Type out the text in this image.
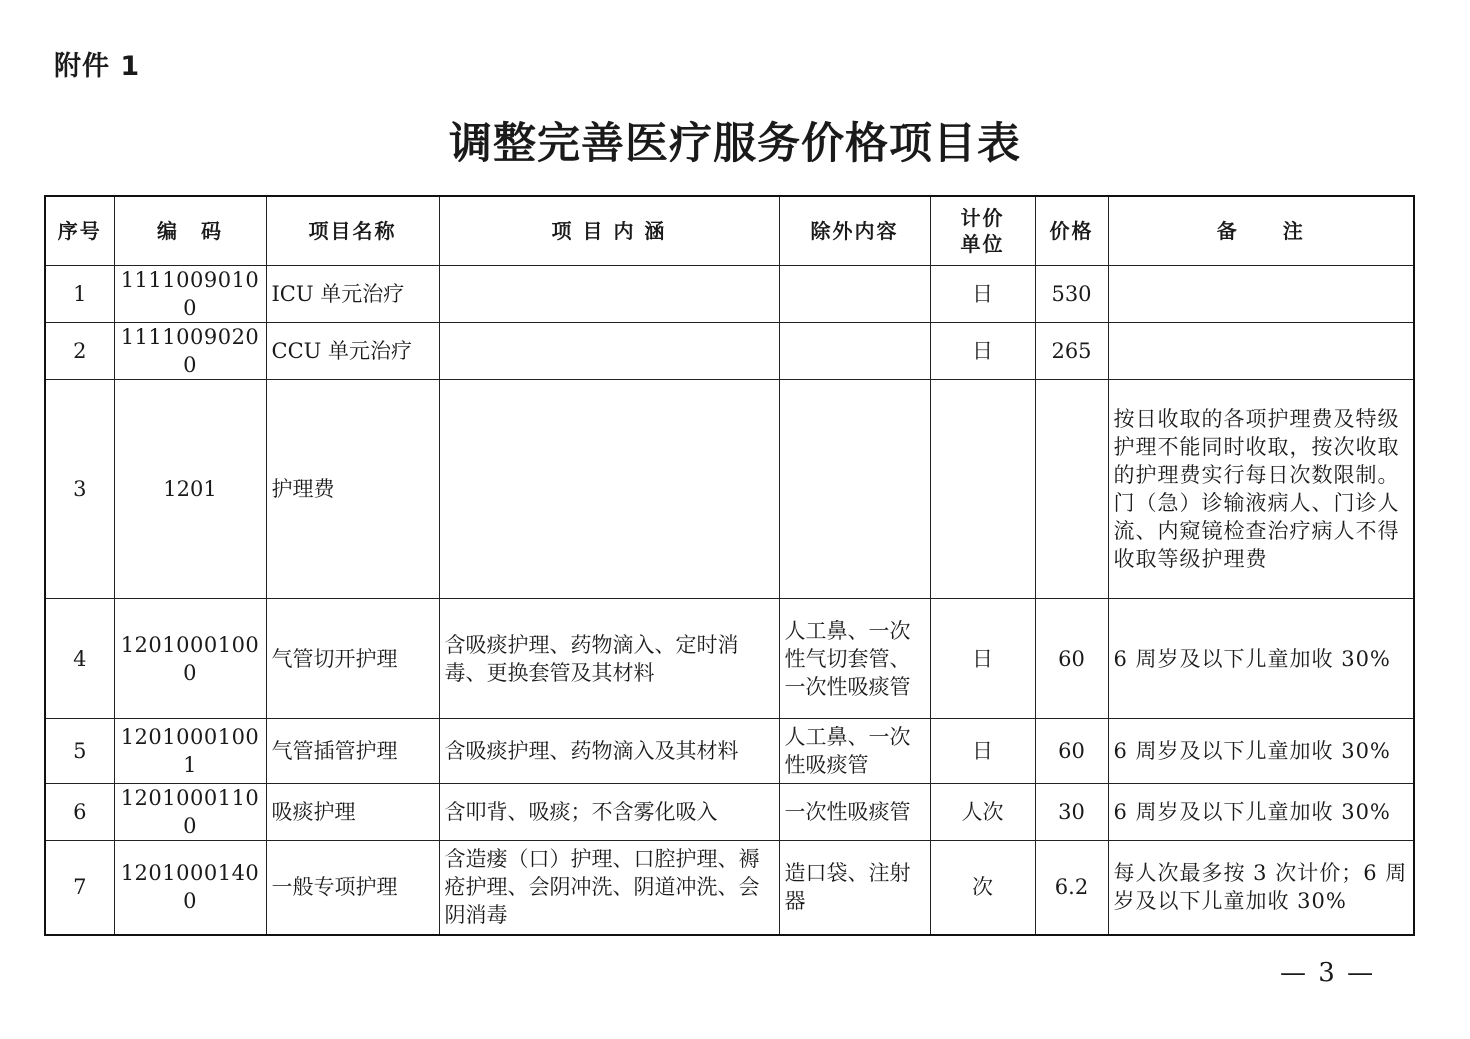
附件 1
调整完善医疗服务价格项目表
序号	编　码	项目名称	项 目 内 涵	除外内容	计价单位	价格	备　　注
1	11110090100	ICU 单元治疗			日	530	
2	11110090200	CCU 单元治疗			日	265	
3	1201	护理费					按日收取的各项护理费及特级护理不能同时收取，按次收取的护理费实行每日次数限制。门（急）诊输液病人、门诊人流、内窥镜检查治疗病人不得收取等级护理费
4	12010001000	气管切开护理	含吸痰护理、药物滴入、定时消毒、更换套管及其材料	人工鼻、一次性气切套管、一次性吸痰管	日	60	6 周岁及以下儿童加收 30%
5	12010001001	气管插管护理	含吸痰护理、药物滴入及其材料	人工鼻、一次性吸痰管	日	60	6 周岁及以下儿童加收 30%
6	12010001100	吸痰护理	含叩背、吸痰；不含雾化吸入	一次性吸痰管	人次	30	6 周岁及以下儿童加收 30%
7	12010001400	一般专项护理	含造瘘（口）护理、口腔护理、褥疮护理、会阴冲洗、阴道冲洗、会阴消毒	造口袋、注射器	次	6.2	每人次最多按 3 次计价；6 周岁及以下儿童加收 30%
— 3 —
